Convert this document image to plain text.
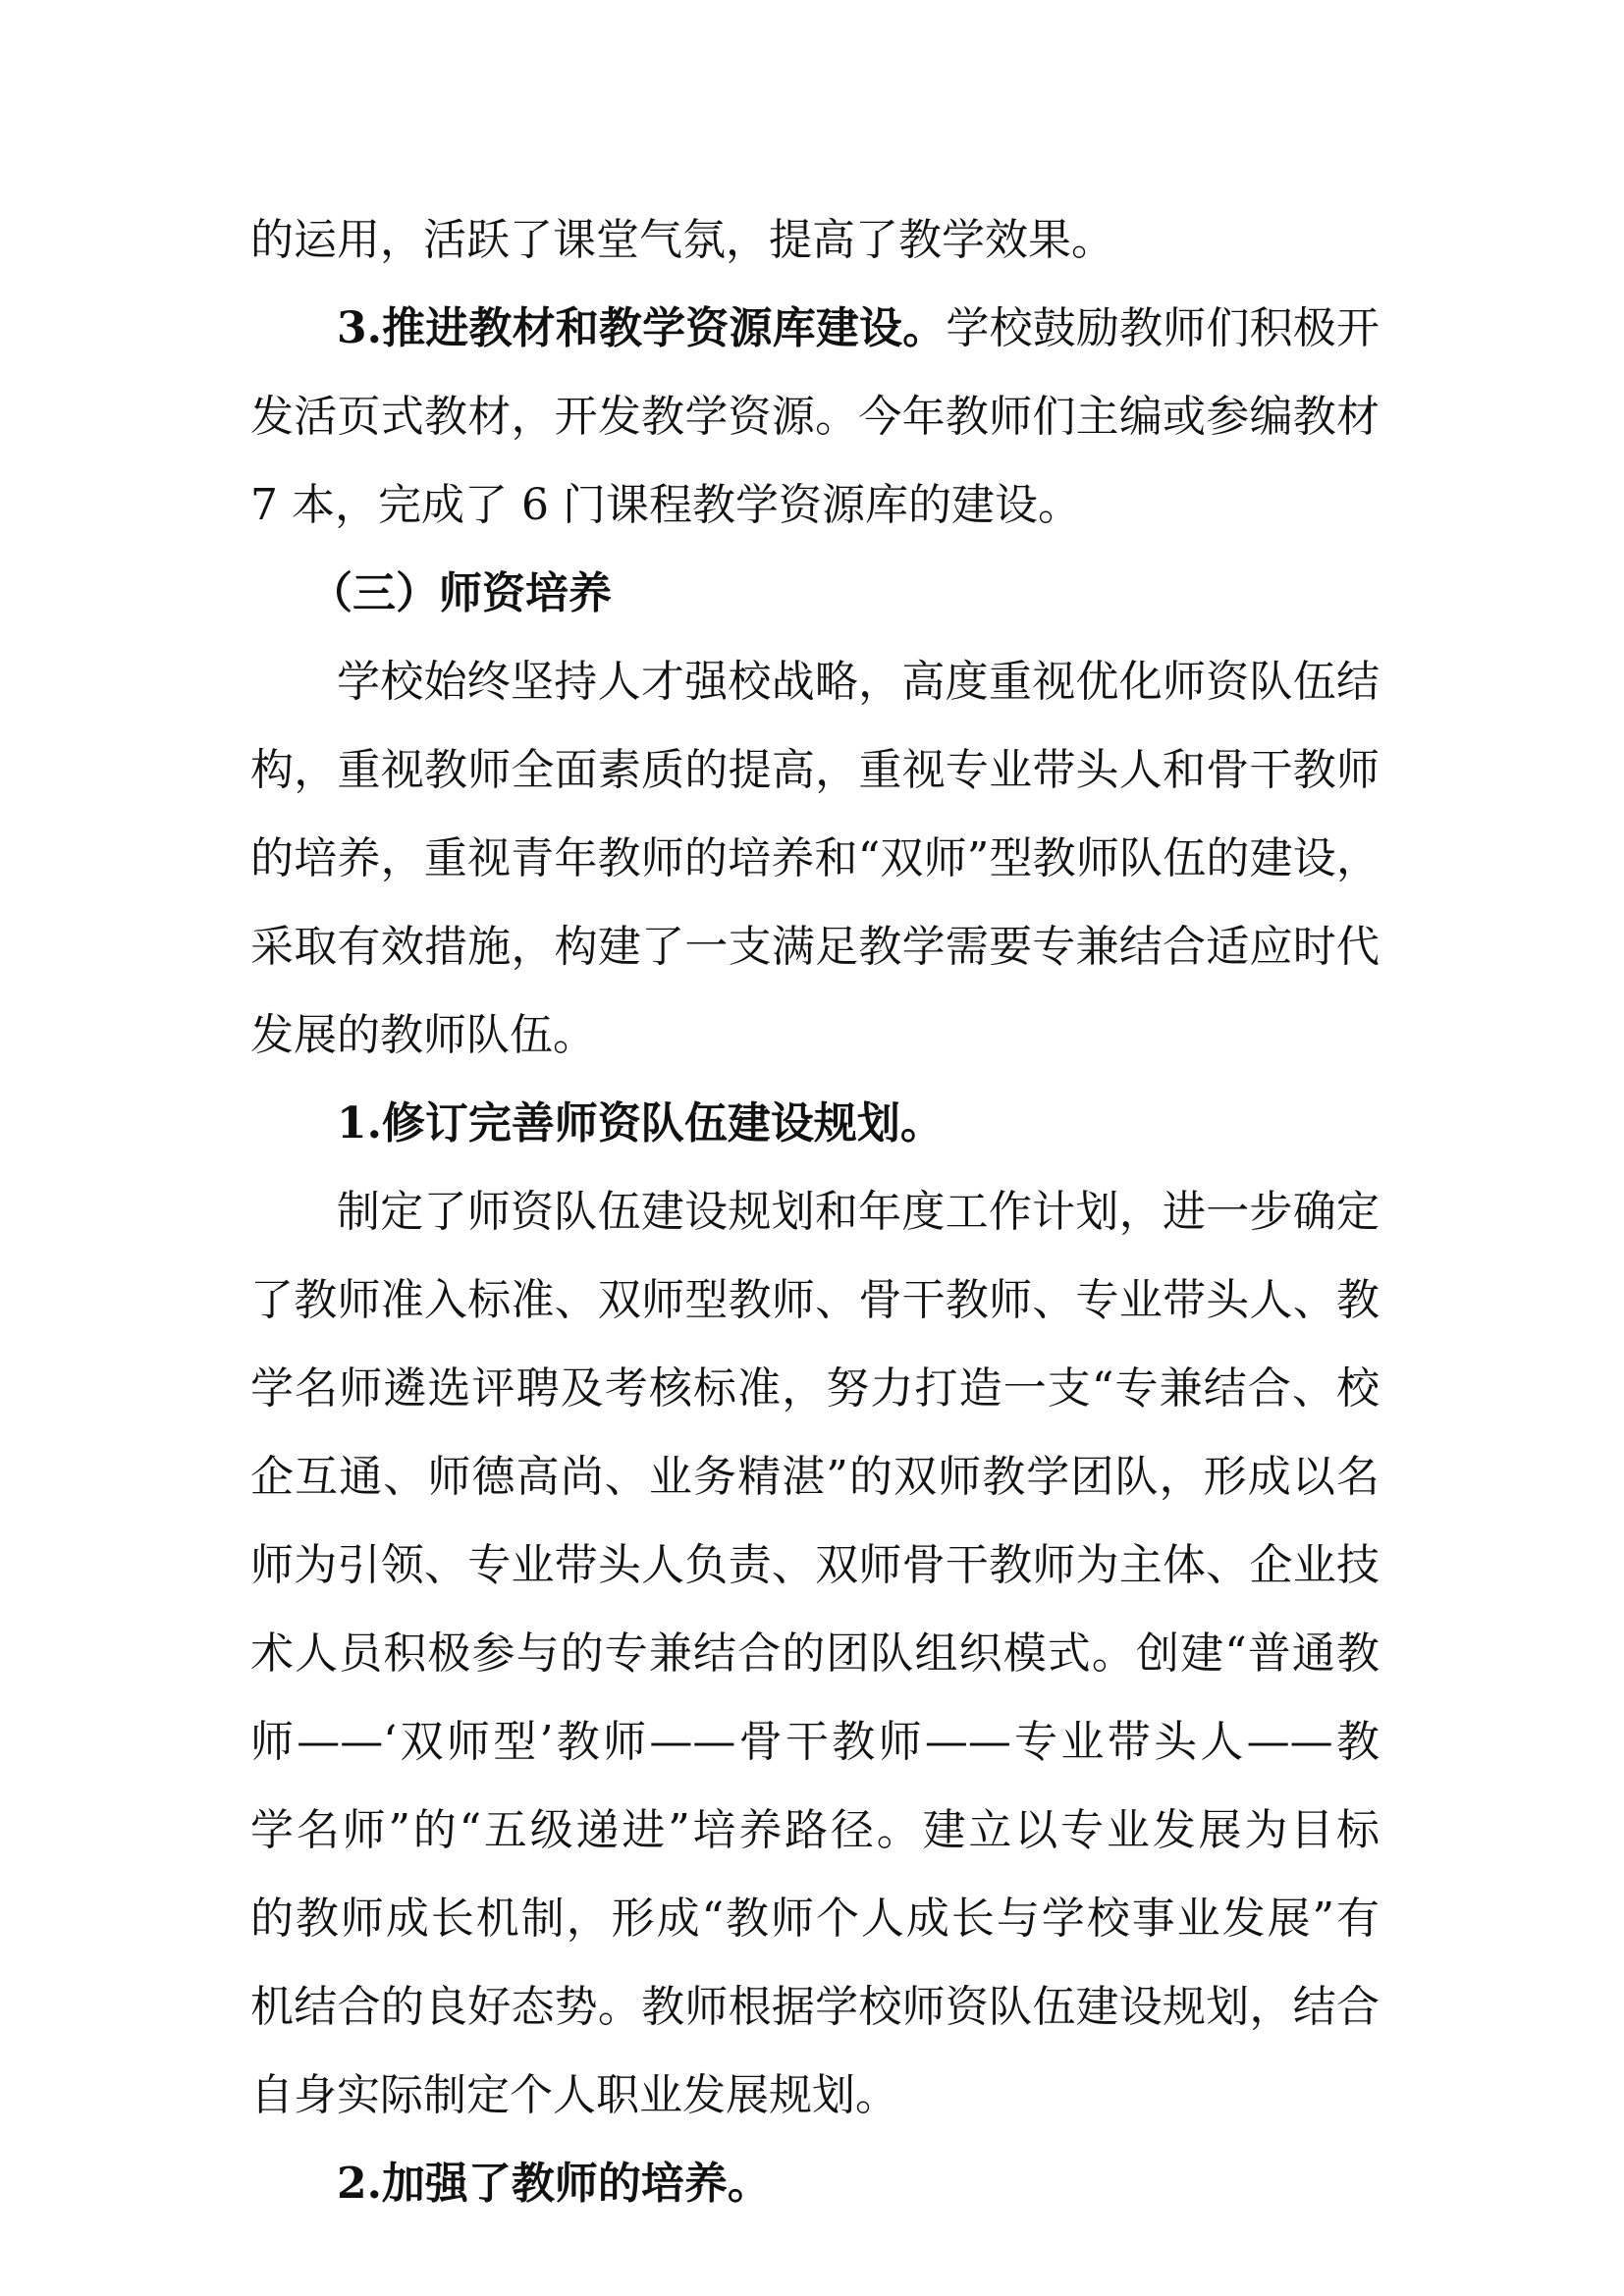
的运用，活跃了课堂气氛，提高了教学效果。
3.推进教材和教学资源库建设。学校鼓励教师们积极开
发活页式教材，开发教学资源。今年教师们主编或参编教材
7 本，完成了 6 门课程教学资源库的建设。
（三）师资培养
学校始终坚持人才强校战略，高度重视优化师资队伍结
构，重视教师全面素质的提高，重视专业带头人和骨干教师
的培养，重视青年教师的培养和“双师”型教师队伍的建设，
采取有效措施，构建了一支满足教学需要专兼结合适应时代
发展的教师队伍。
1.修订完善师资队伍建设规划。
制定了师资队伍建设规划和年度工作计划，进一步确定
了教师准入标准、双师型教师、骨干教师、专业带头人、教
学名师遴选评聘及考核标准，努力打造一支“专兼结合、校
企互通、师德高尚、业务精湛”的双师教学团队，形成以名
师为引领、专业带头人负责、双师骨干教师为主体、企业技
术人员积极参与的专兼结合的团队组织模式。创建“普通教
师——‘双师型’教师——骨干教师——专业带头人——教
学名师”的“五级递进”培养路径。建立以专业发展为目标
的教师成长机制，形成“教师个人成长与学校事业发展”有
机结合的良好态势。教师根据学校师资队伍建设规划，结合
自身实际制定个人职业发展规划。
2.加强了教师的培养。
